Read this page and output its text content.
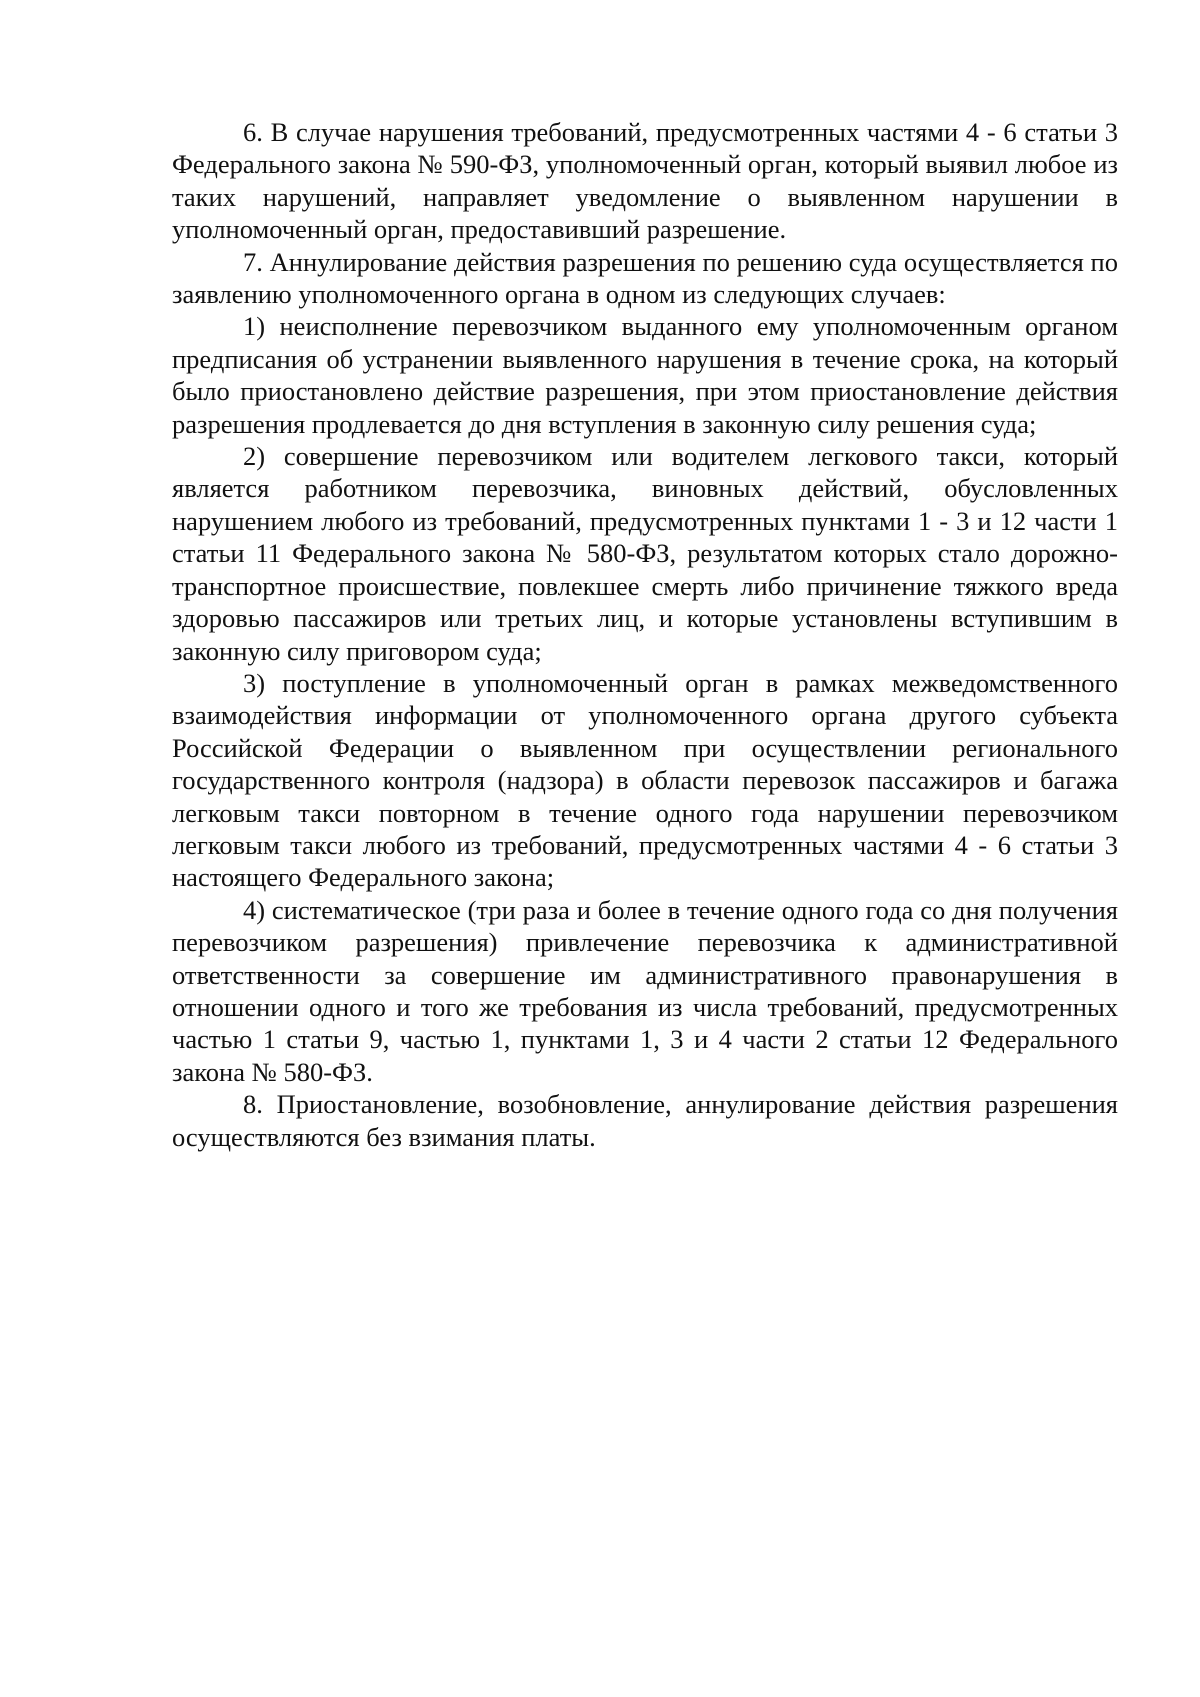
6. В случае нарушения требований, предусмотренных частями 4 - 6 статьи 3 Федерального закона № 590-ФЗ, уполномоченный орган, который выявил любое из таких нарушений, направляет уведомление о выявленном нарушении в уполномоченный орган, предоставивший разрешение.

7. Аннулирование действия разрешения по решению суда осуществляется по заявлению уполномоченного органа в одном из следующих случаев:

1) неисполнение перевозчиком выданного ему уполномоченным органом предписания об устранении выявленного нарушения в течение срока, на который было приостановлено действие разрешения, при этом приостановление действия разрешения продлевается до дня вступления в законную силу решения суда;

2) совершение перевозчиком или водителем легкового такси, который является работником перевозчика, виновных действий, обусловленных нарушением любого из требований, предусмотренных пунктами 1 - 3 и 12 части 1 статьи 11 Федерального закона № 580-ФЗ, результатом которых стало дорожно-транспортное происшествие, повлекшее смерть либо причинение тяжкого вреда здоровью пассажиров или третьих лиц, и которые установлены вступившим в законную силу приговором суда;

3) поступление в уполномоченный орган в рамках межведомственного взаимодействия информации от уполномоченного органа другого субъекта Российской Федерации о выявленном при осуществлении регионального государственного контроля (надзора) в области перевозок пассажиров и багажа легковым такси повторном в течение одного года нарушении перевозчиком легковым такси любого из требований, предусмотренных частями 4 - 6 статьи 3 настоящего Федерального закона;

4) систематическое (три раза и более в течение одного года со дня получения перевозчиком разрешения) привлечение перевозчика к административной ответственности за совершение им административного правонарушения в отношении одного и того же требования из числа требований, предусмотренных частью 1 статьи 9, частью 1, пунктами 1, 3 и 4 части 2 статьи 12 Федерального закона № 580-ФЗ.

8. Приостановление, возобновление, аннулирование действия разрешения осуществляются без взимания платы.
